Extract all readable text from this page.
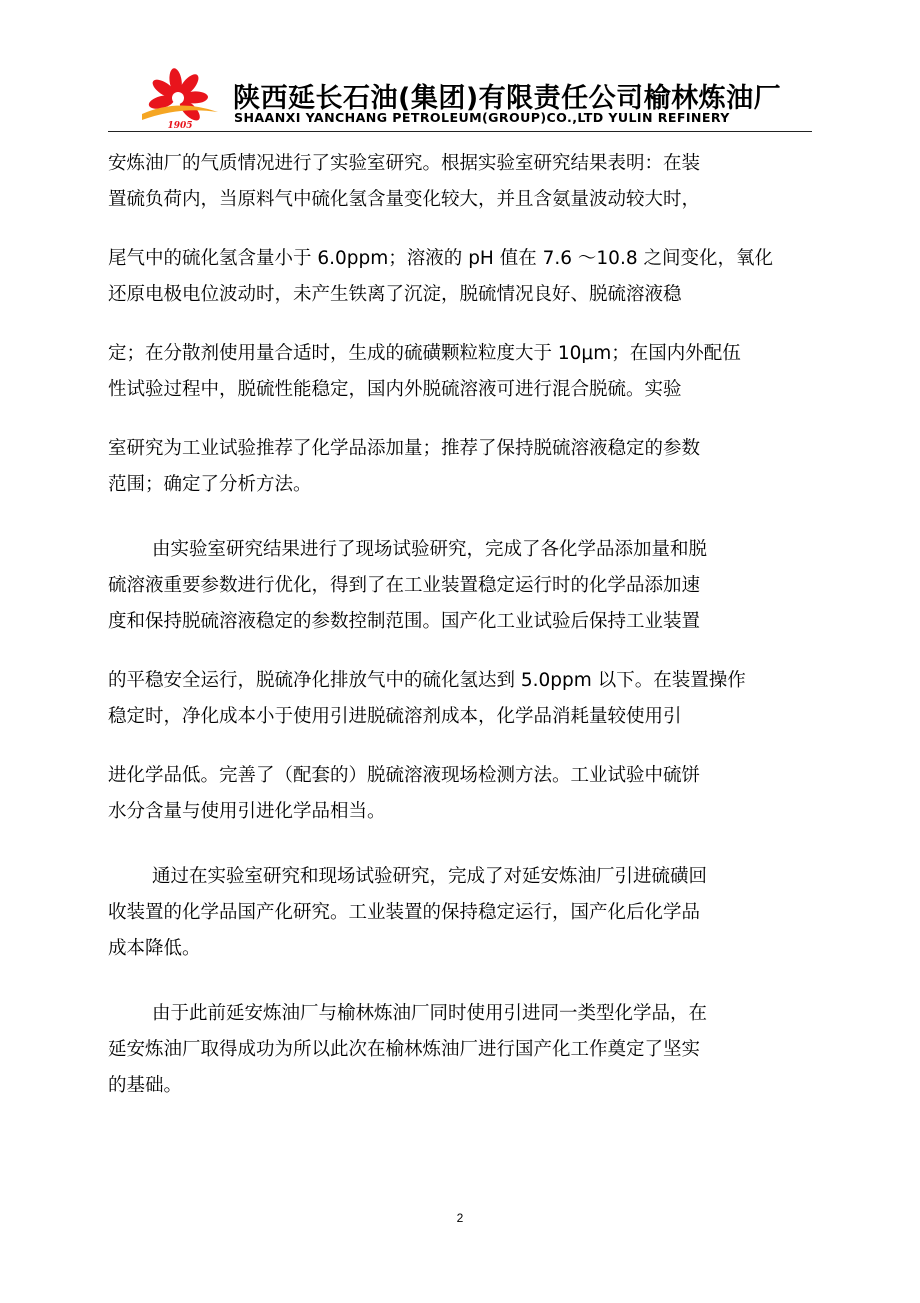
1905
陕西延长石油(集团)有限责任公司榆林炼油厂
SHAANXI YANCHANG PETROLEUM(GROUP)CO.,LTD YULIN REFINERY
安炼油厂的气质情况进行了实验室研究。根据实验室研究结果表明：在装
置硫负荷内，当原料气中硫化氢含量变化较大，并且含氨量波动较大时，
尾气中的硫化氢含量小于 6.0ppm；溶液的 pH 值在 7.6 ～10.8 之间变化，氧化
还原电极电位波动时，未产生铁离了沉淀，脱硫情况良好、脱硫溶液稳
定；在分散剂使用量合适时，生成的硫磺颗粒粒度大于 10μm；在国内外配伍
性试验过程中，脱硫性能稳定，国内外脱硫溶液可进行混合脱硫。实验
室研究为工业试验推荐了化学品添加量；推荐了保持脱硫溶液稳定的参数
范围；确定了分析方法。
由实验室研究结果进行了现场试验研究，完成了各化学品添加量和脱
硫溶液重要参数进行优化，得到了在工业装置稳定运行时的化学品添加速
度和保持脱硫溶液稳定的参数控制范围。国产化工业试验后保持工业装置
的平稳安全运行，脱硫净化排放气中的硫化氢达到 5.0ppm 以下。在装置操作
稳定时，净化成本小于使用引进脱硫溶剂成本，化学品消耗量较使用引
进化学品低。完善了（配套的）脱硫溶液现场检测方法。工业试验中硫饼
水分含量与使用引进化学品相当。
通过在实验室研究和现场试验研究，完成了对延安炼油厂引进硫磺回
收装置的化学品国产化研究。工业装置的保持稳定运行，国产化后化学品
成本降低。
由于此前延安炼油厂与榆林炼油厂同时使用引进同一类型化学品，在
延安炼油厂取得成功为所以此次在榆林炼油厂进行国产化工作奠定了坚实
的基础。
2
